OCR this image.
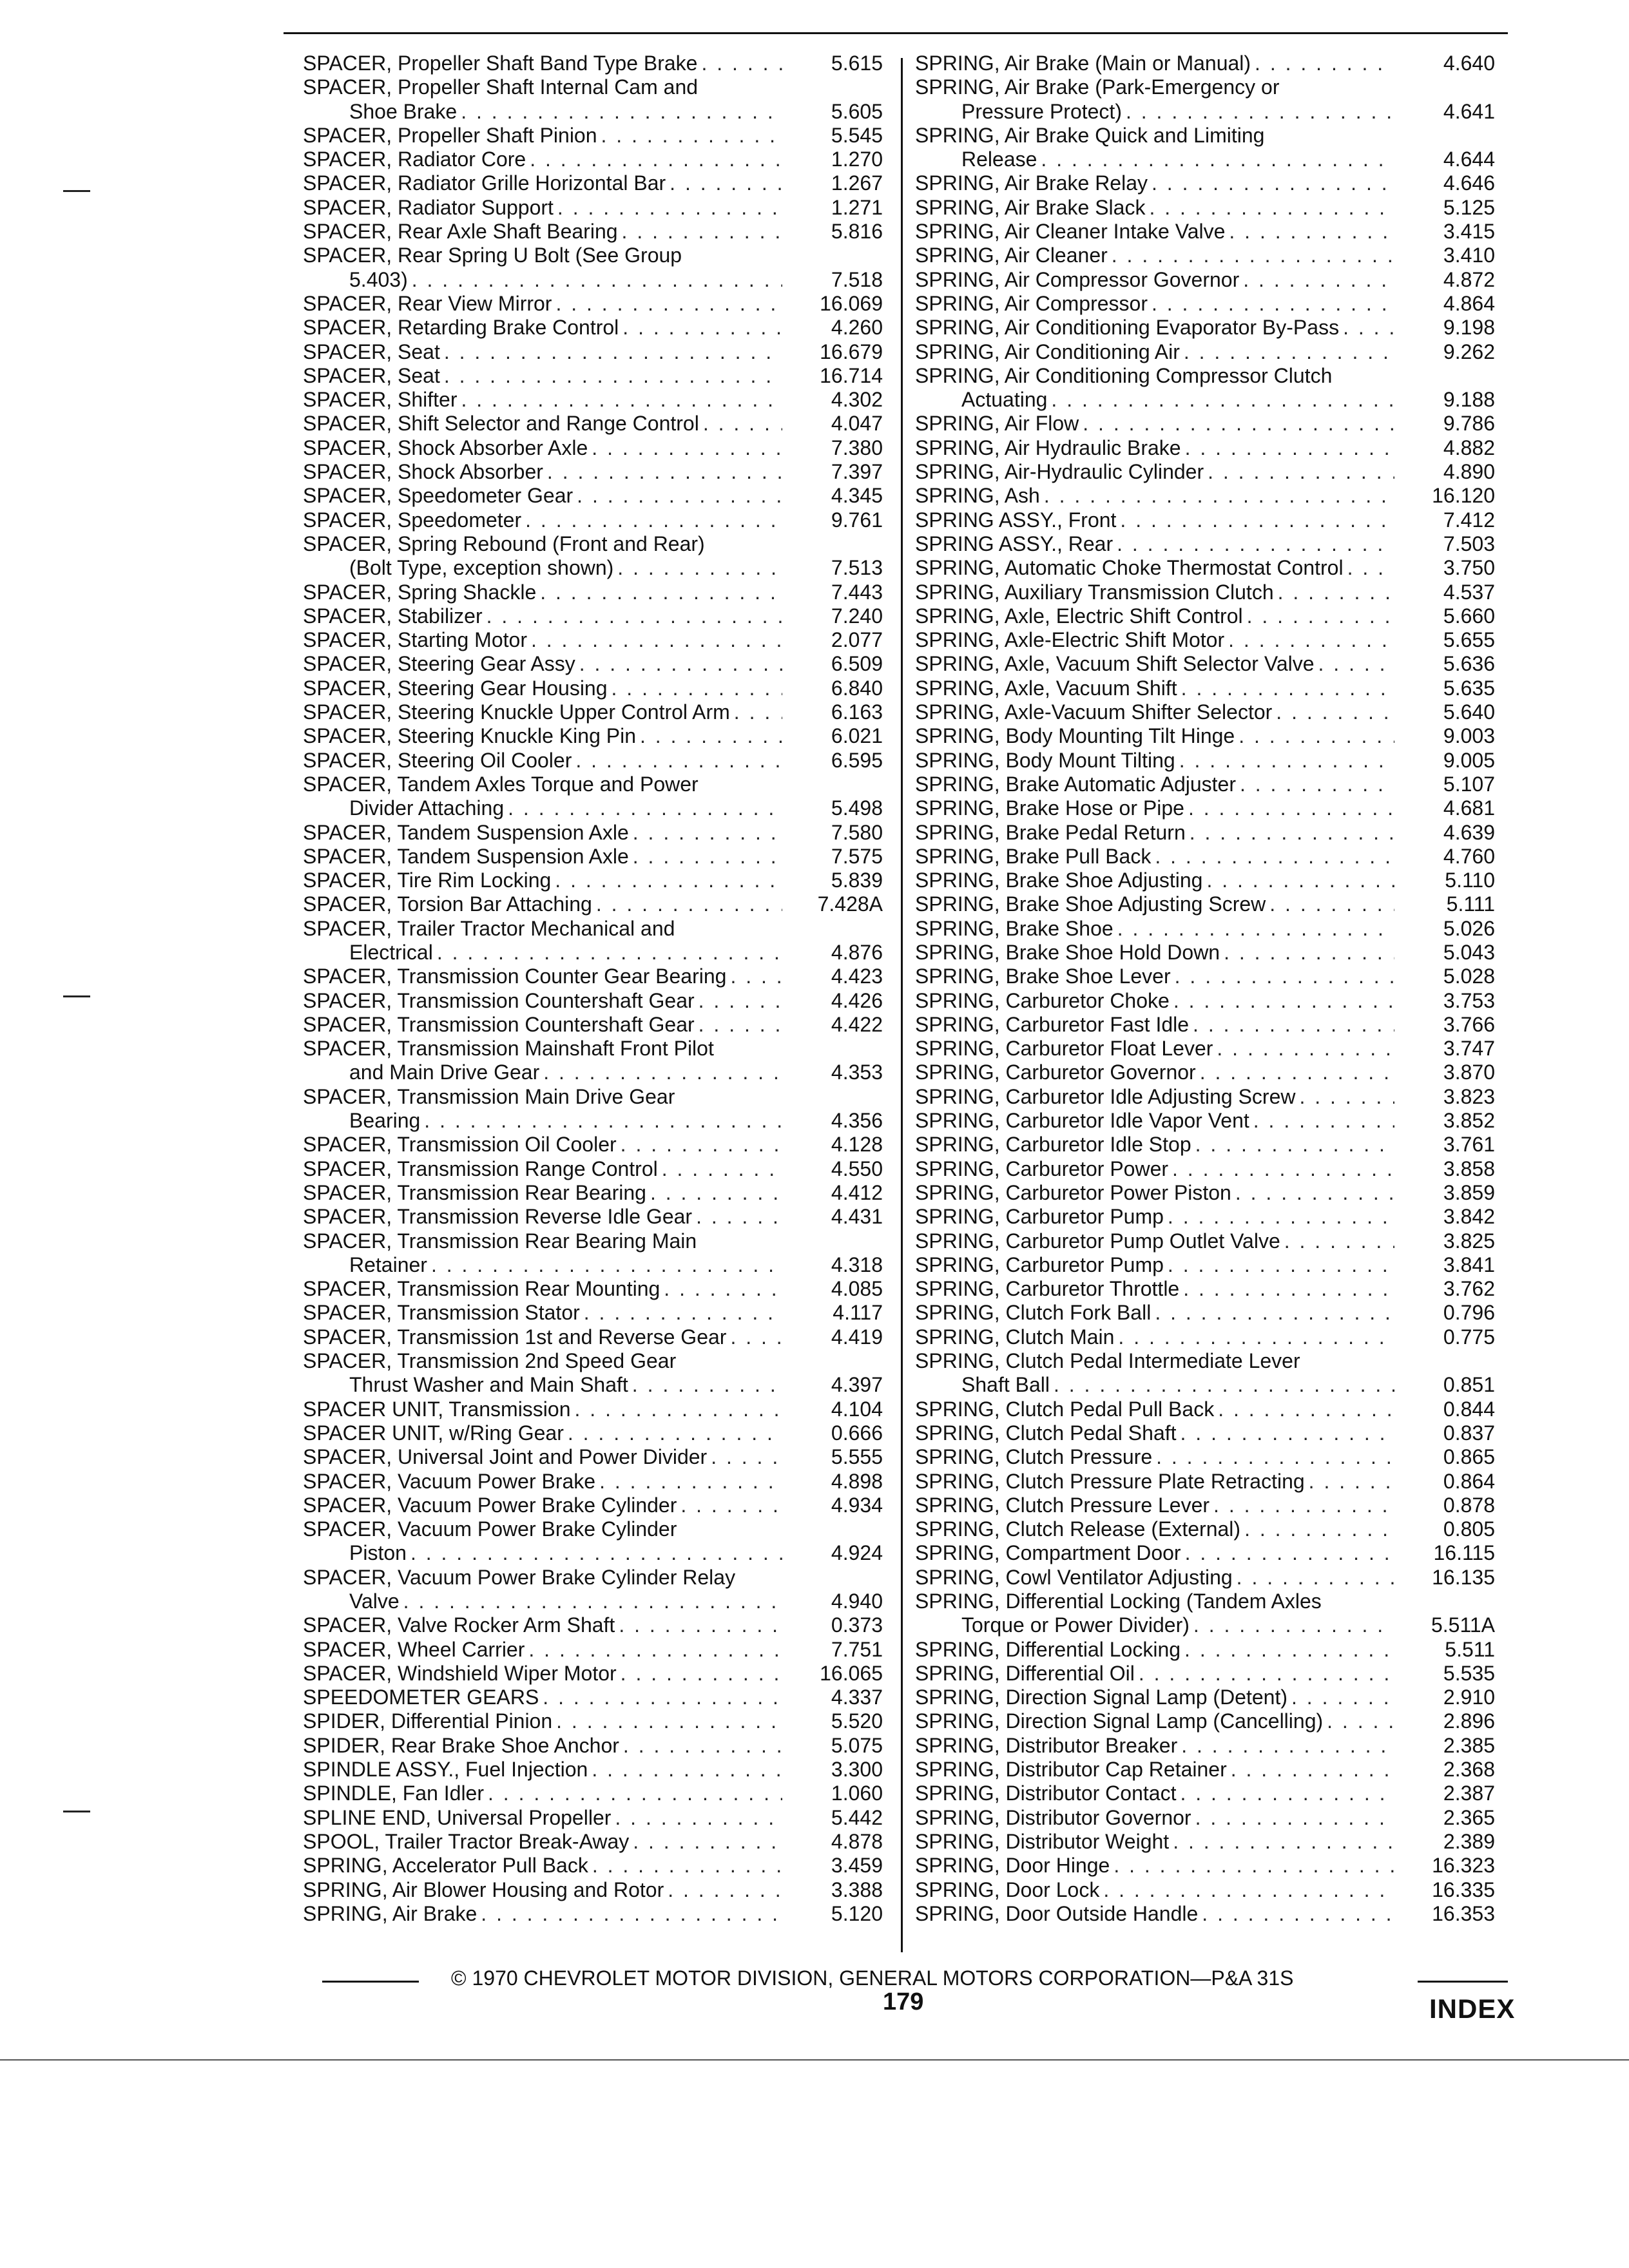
SPACER, Propeller Shaft Band Type Brake . . .	5.615
SPACER, Propeller Shaft Internal Cam and
Shoe Brake . . .	5.605
SPACER, Propeller Shaft Pinion . . .	5.545
SPACER, Radiator Core . . .	1.270
SPACER, Radiator Grille Horizontal Bar . . .	1.267
SPACER, Radiator Support . . .	1.271
SPACER, Rear Axle Shaft Bearing . . .	5.816
SPACER, Rear Spring U Bolt (See Group
5.403) . . .	7.518
SPACER, Rear View Mirror . . .	16.069
SPACER, Retarding Brake Control . . .	4.260
SPACER, Seat . . .	16.679
SPACER, Seat . . .	16.714
SPACER, Shifter . . .	4.302
SPACER, Shift Selector and Range Control . . .	4.047
SPACER, Shock Absorber Axle . . .	7.380
SPACER, Shock Absorber . . .	7.397
SPACER, Speedometer Gear . . .	4.345
SPACER, Speedometer . . .	9.761
SPACER, Spring Rebound (Front and Rear)
(Bolt Type, exception shown) . . .	7.513
SPACER, Spring Shackle . . .	7.443
SPACER, Stabilizer . . .	7.240
SPACER, Starting Motor . . .	2.077
SPACER, Steering Gear Assy . . .	6.509
SPACER, Steering Gear Housing . . .	6.840
SPACER, Steering Knuckle Upper Control Arm . . .	6.163
SPACER, Steering Knuckle King Pin . . .	6.021
SPACER, Steering Oil Cooler . . .	6.595
SPACER, Tandem Axles Torque and Power
Divider Attaching . . .	5.498
SPACER, Tandem Suspension Axle . . .	7.580
SPACER, Tandem Suspension Axle . . .	7.575
SPACER, Tire Rim Locking . . .	5.839
SPACER, Torsion Bar Attaching . . .	7.428A
SPACER, Trailer Tractor Mechanical and
Electrical . . .	4.876
SPACER, Transmission Counter Gear Bearing . . .	4.423
SPACER, Transmission Countershaft Gear . . .	4.426
SPACER, Transmission Countershaft Gear . . .	4.422
SPACER, Transmission Mainshaft Front Pilot
and Main Drive Gear . . .	4.353
SPACER, Transmission Main Drive Gear
Bearing . . .	4.356
SPACER, Transmission Oil Cooler . . .	4.128
SPACER, Transmission Range Control . . .	4.550
SPACER, Transmission Rear Bearing . . .	4.412
SPACER, Transmission Reverse Idle Gear . . .	4.431
SPACER, Transmission Rear Bearing Main
Retainer . . .	4.318
SPACER, Transmission Rear Mounting . . .	4.085
SPACER, Transmission Stator . . .	4.117
SPACER, Transmission 1st and Reverse Gear . . .	4.419
SPACER, Transmission 2nd Speed Gear
Thrust Washer and Main Shaft . . .	4.397
SPACER UNIT, Transmission . . .	4.104
SPACER UNIT, w/Ring Gear . . .	0.666
SPACER, Universal Joint and Power Divider . . .	5.555
SPACER, Vacuum Power Brake . . .	4.898
SPACER, Vacuum Power Brake Cylinder . . .	4.934
SPACER, Vacuum Power Brake Cylinder
Piston . . .	4.924
SPACER, Vacuum Power Brake Cylinder Relay
Valve . . .	4.940
SPACER, Valve Rocker Arm Shaft . . .	0.373
SPACER, Wheel Carrier . . .	7.751
SPACER, Windshield Wiper Motor . . .	16.065
SPEEDOMETER GEARS . . .	4.337
SPIDER, Differential Pinion . . .	5.520
SPIDER, Rear Brake Shoe Anchor . . .	5.075
SPINDLE ASSY., Fuel Injection . . .	3.300
SPINDLE, Fan Idler . . .	1.060
SPLINE END, Universal Propeller . . .	5.442
SPOOL, Trailer Tractor Break-Away . . .	4.878
SPRING, Accelerator Pull Back . . .	3.459
SPRING, Air Blower Housing and Rotor . . .	3.388
SPRING, Air Brake . . .	5.120
SPRING, Air Brake (Main or Manual) . . .	4.640
SPRING, Air Brake (Park-Emergency or
Pressure Protect) . . .	4.641
SPRING, Air Brake Quick and Limiting
Release . . .	4.644
SPRING, Air Brake Relay . . .	4.646
SPRING, Air Brake Slack . . .	5.125
SPRING, Air Cleaner Intake Valve . . .	3.415
SPRING, Air Cleaner . . .	3.410
SPRING, Air Compressor Governor . . .	4.872
SPRING, Air Compressor . . .	4.864
SPRING, Air Conditioning Evaporator By-Pass . . .	9.198
SPRING, Air Conditioning Air . . .	9.262
SPRING, Air Conditioning Compressor Clutch
Actuating . . .	9.188
SPRING, Air Flow . . .	9.786
SPRING, Air Hydraulic Brake . . .	4.882
SPRING, Air-Hydraulic Cylinder . . .	4.890
SPRING, Ash . . .	16.120
SPRING ASSY., Front . . .	7.412
SPRING ASSY., Rear . . .	7.503
SPRING, Automatic Choke Thermostat Control . . .	3.750
SPRING, Auxiliary Transmission Clutch . . .	4.537
SPRING, Axle, Electric Shift Control . . .	5.660
SPRING, Axle-Electric Shift Motor . . .	5.655
SPRING, Axle, Vacuum Shift Selector Valve . . .	5.636
SPRING, Axle, Vacuum Shift . . .	5.635
SPRING, Axle-Vacuum Shifter Selector . . .	5.640
SPRING, Body Mounting Tilt Hinge . . .	9.003
SPRING, Body Mount Tilting . . .	9.005
SPRING, Brake Automatic Adjuster . . .	5.107
SPRING, Brake Hose or Pipe . . .	4.681
SPRING, Brake Pedal Return . . .	4.639
SPRING, Brake Pull Back . . .	4.760
SPRING, Brake Shoe Adjusting . . .	5.110
SPRING, Brake Shoe Adjusting Screw . . .	5.111
SPRING, Brake Shoe . . .	5.026
SPRING, Brake Shoe Hold Down . . .	5.043
SPRING, Brake Shoe Lever . . .	5.028
SPRING, Carburetor Choke . . .	3.753
SPRING, Carburetor Fast Idle . . .	3.766
SPRING, Carburetor Float Lever . . .	3.747
SPRING, Carburetor Governor . . .	3.870
SPRING, Carburetor Idle Adjusting Screw . . .	3.823
SPRING, Carburetor Idle Vapor Vent . . .	3.852
SPRING, Carburetor Idle Stop . . .	3.761
SPRING, Carburetor Power . . .	3.858
SPRING, Carburetor Power Piston . . .	3.859
SPRING, Carburetor Pump . . .	3.842
SPRING, Carburetor Pump Outlet Valve . . .	3.825
SPRING, Carburetor Pump . . .	3.841
SPRING, Carburetor Throttle . . .	3.762
SPRING, Clutch Fork Ball . . .	0.796
SPRING, Clutch Main . . .	0.775
SPRING, Clutch Pedal Intermediate Lever
Shaft Ball . . .	0.851
SPRING, Clutch Pedal Pull Back . . .	0.844
SPRING, Clutch Pedal Shaft . . .	0.837
SPRING, Clutch Pressure . . .	0.865
SPRING, Clutch Pressure Plate Retracting . . .	0.864
SPRING, Clutch Pressure Lever . . .	0.878
SPRING, Clutch Release (External) . . .	0.805
SPRING, Compartment Door . . .	16.115
SPRING, Cowl Ventilator Adjusting . . .	16.135
SPRING, Differential Locking (Tandem Axles
Torque or Power Divider) . . .	5.511A
SPRING, Differential Locking . . .	5.511
SPRING, Differential Oil . . .	5.535
SPRING, Direction Signal Lamp (Detent) . . .	2.910
SPRING, Direction Signal Lamp (Cancelling) . . .	2.896
SPRING, Distributor Breaker . . .	2.385
SPRING, Distributor Cap Retainer . . .	2.368
SPRING, Distributor Contact . . .	2.387
SPRING, Distributor Governor . . .	2.365
SPRING, Distributor Weight . . .	2.389
SPRING, Door Hinge . . .	16.323
SPRING, Door Lock . . .	16.335
SPRING, Door Outside Handle . . .	16.353
© 1970 CHEVROLET MOTOR DIVISION, GENERAL MOTORS CORPORATION—P&A 31S
179	INDEX
